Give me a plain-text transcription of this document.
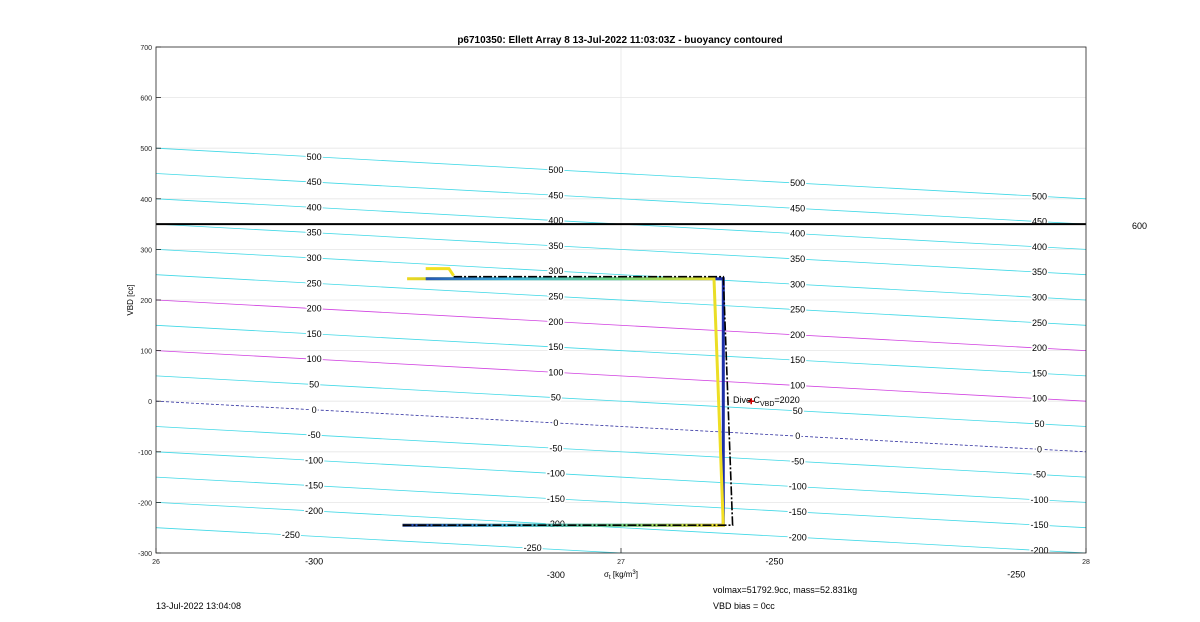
500
450
400
350
300
250
200
150
100
50
0
-50
-100
-150
-200
-250
-300
500
450
400
350
300
250
200
150
100
50
0
-50
-100
-150
-200
-250
-300
500
450
400
350
300
250
200
150
100
50
0
-50
-100
-150
-200
-250
500
450
400
350
300
250
200
150
100
50
0
-50
-100
-150
-200
-250
-300
-200
-100
0
100
200
300
400
500
600
700
26	27	28
p6710350: Ellett Array 8 13-Jul-2022 11:03:03Z - buoyancy contoured
VBD [cc]
$\sigma_t$ $[kg/m^3]$
600
Dive $C_{VBD}=2020$
13-Jul-2022 13:04:08
volmax=51792.9cc, mass=52.831kg
VBD bias = 0cc
